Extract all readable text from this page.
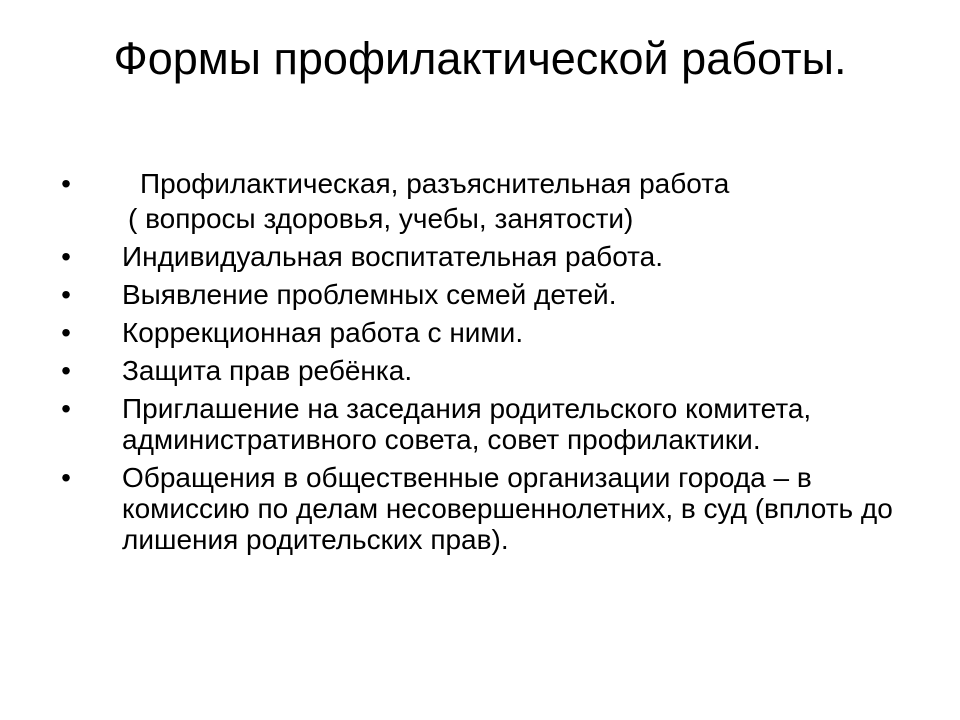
Формы профилактической работы.
•	Профилактическая, разъяснительная работа
( вопросы здоровья, учебы, занятости)
• Индивидуальная воспитательная работа.
• Выявление проблемных семей детей.
• Коррекционная работа с ними.
• Защита прав ребёнка.
• Приглашение на заседания родительского комитета, административного совета, совет профилактики.
• Обращения в общественные организации города – в комиссию по делам несовершеннолетних, в суд (вплоть до лишения родительских прав).
